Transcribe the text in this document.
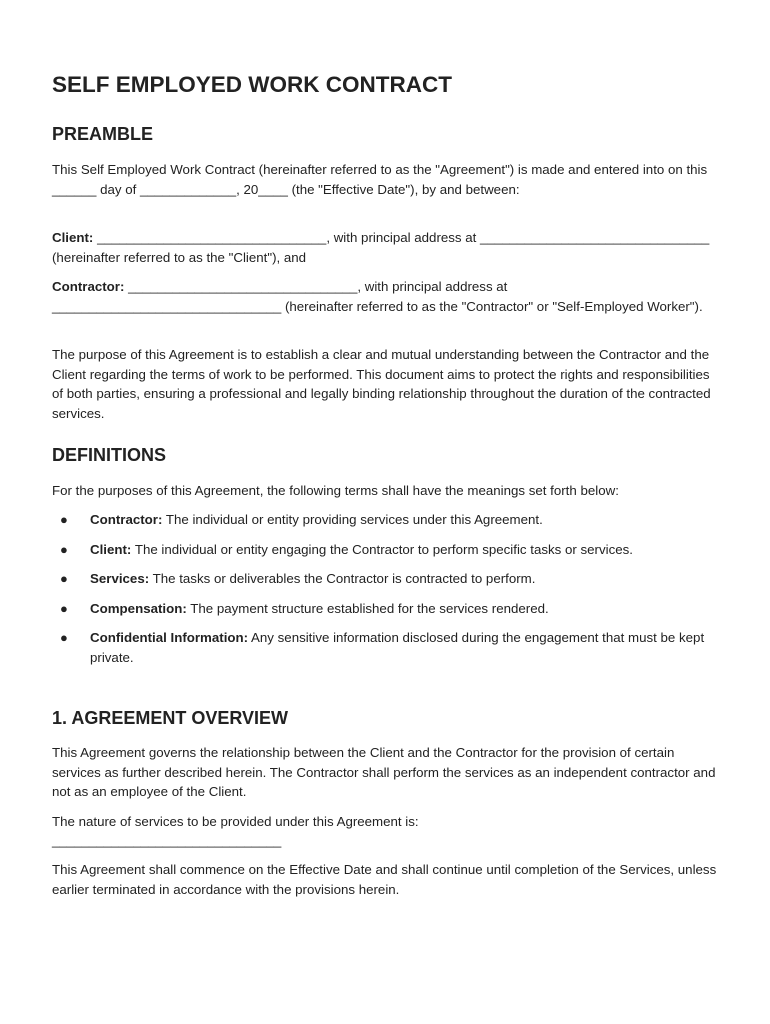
SELF EMPLOYED WORK CONTRACT
PREAMBLE

This Self Employed Work Contract (hereinafter referred to as the "Agreement") is made and entered into on this ______ day of _____________, 20____ (the "Effective Date"), by and between:

Client: _______________________________, with principal address at _______________________________ (hereinafter referred to as the "Client"), and

Contractor: _______________________________, with principal address at _______________________________ (hereinafter referred to as the "Contractor" or "Self-Employed Worker").

The purpose of this Agreement is to establish a clear and mutual understanding between the Contractor and the Client regarding the terms of work to be performed. This document aims to protect the rights and responsibilities of both parties, ensuring a professional and legally binding relationship throughout the duration of the contracted services.

DEFINITIONS

For the purposes of this Agreement, the following terms shall have the meanings set forth below:

● Contractor: The individual or entity providing services under this Agreement.
● Client: The individual or entity engaging the Contractor to perform specific tasks or services.
● Services: The tasks or deliverables the Contractor is contracted to perform.
● Compensation: The payment structure established for the services rendered.
● Confidential Information: Any sensitive information disclosed during the engagement that must be kept private.
1. AGREEMENT OVERVIEW

This Agreement governs the relationship between the Client and the Contractor for the provision of certain services as further described herein. The Contractor shall perform the services as an independent contractor and not as an employee of the Client.

The nature of services to be provided under this Agreement is:

_______________________________

This Agreement shall commence on the Effective Date and shall continue until completion of the Services, unless earlier terminated in accordance with the provisions herein.
